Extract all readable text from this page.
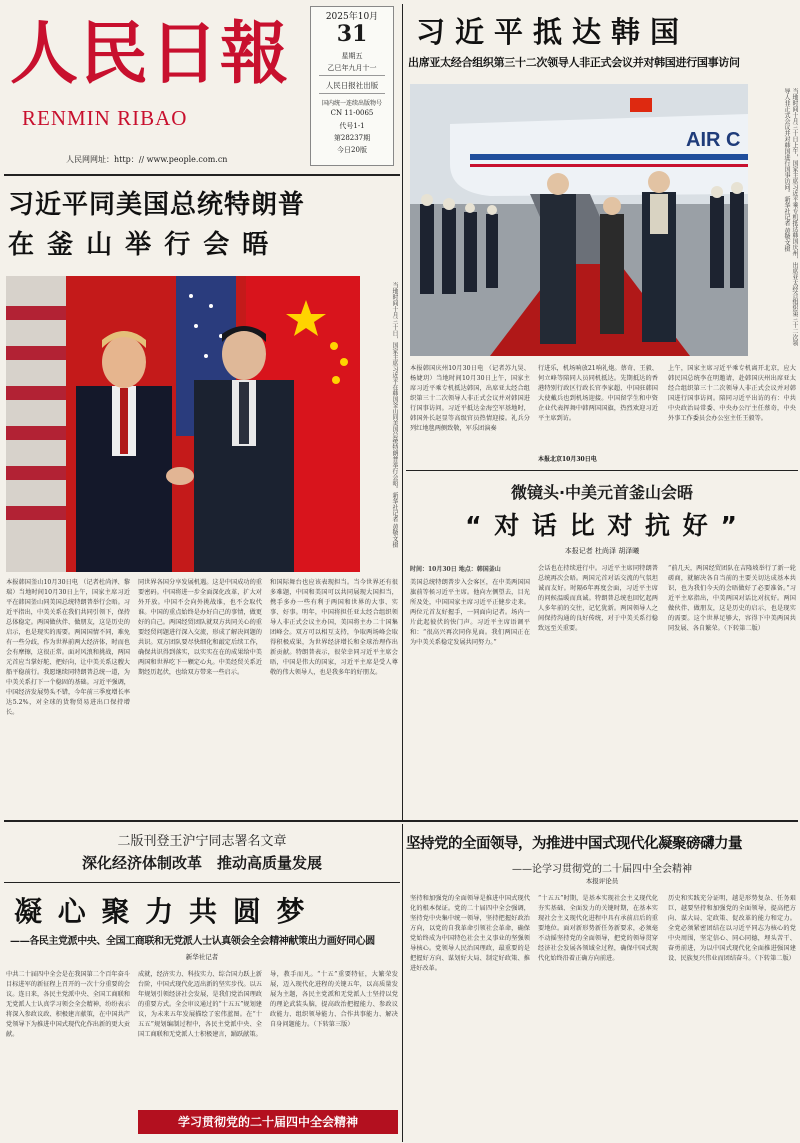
人民日報
RENMIN RIBAO
人民网网址：http：// www.people.com.cn
2025年10月
31
星期五
乙巳年九月十一
人民日报社出版
国内统一连续出版物号
CN 11-0065
代号1-1
第28237期
今日20版
习近平抵达韩国
出席亚太经合组织第三十二次领导人非正式会议并对韩国进行国事访问
AIR C	当地时间十月三十日上午，国家主席习近平乘专机抵达韩国庆州，出席亚太经合组织第三十二次领导人非正式会议并对韩国进行国事访问。新华社记者 黄敬文摄
本报韩国庆州10月30日电 （记者苏九昊、杨婕玥）当地时间10月30日上午，国家主席习近平乘专机抵达韩国，出席亚太经合组织第三十二次领导人非正式会议并对韩国进行国事访问。习近平抵达金海空军基地时，韩国外长赵显等高级官员热情迎接。礼兵分列红地毯两侧致敬，军乐团演奏
行进乐，机场响放21响礼炮。蔡奇、王毅、何立峰等陪同人员同机抵达。先期抵达的香港特别行政区行政长官李家超、中国驻韩国大使戴兵也到机场迎接。中国留学生和中资企业代表挥舞中韩两国国旗，热烈欢迎习近平主席到访。
本报北京10月30日电
上午，国家主席习近平乘专机离开北京，应大韩民国总统李在明邀请，赴韩国庆州出席亚太经合组织第三十二次领导人非正式会议并对韩国进行国事访问。陪同习近平出访的有：中共中央政治局常委、中央办公厅主任蔡奇，中央外事工作委员会办公室主任王毅等。
习近平同美国总统特朗普
在 釜 山 举 行 会 晤
当地时间十月三十日，国家主席习近平在韩国釜山同美国总统特朗普举行会晤。新华社记者 黄敬文摄
本报韩国釜山10月30日电 （记者杜尚泽、黎瑞）当地时间10月30日上午，国家主席习近平在韩国釜山同美国总统特朗普举行会晤。习近平指出，中美关系在我们共同引领下，保持总体稳定。两国做伙伴、做朋友，这是历史的启示，也是现实的需要。两国国情不同，难免有一些分歧，作为世界前两大经济体，时而也会有摩擦，这很正常。面对风浪和挑战，两国元首应当掌好舵、把好向，让中美关系这艘大船平稳前行。我愿继续同特朗普总统一道，为中美关系打下一个稳固的基础。习近平强调，中国经济发展势头不错，今年前三季度增长率达5.2%，对全球的货物贸易进出口保持增长。
同世界各国分享发展机遇。这是中国成功的重要密码。中国将进一步全面深化改革，扩大对外开放。中国不会向外挑战谁，也不会取代谁。中国的重点始终是办好自己的事情，做更好的自己。两国经贸团队就双方共同关心的重要经贸问题进行深入交流，形成了解决问题的共识。双方团队要尽快细化和敲定后续工作，确保共识得到落实，以实实在在的成果给中美两国和世界吃下一颗定心丸。中美经贸关系近期经历起伏，也给双方带来一些启示。
和国际舞台也应该表现担当。当今世界还有很多难题，中国和美国可以共同展现大国担当，携手多办一些有利于两国和世界的大事、实事、好事。明年，中国将担任亚太经合组织领导人非正式会议主办国，美国将主办二十国集团峰会。双方可以相互支持，争取两场峰会取得积极成果，为世界经济增长和全球治理作出新贡献。特朗普表示，很荣幸同习近平主席会晤，中国是伟大的国家，习近平主席是受人尊敬的伟大领导人，也是我多年的好朋友。
微镜头·中美元首釜山会晤
“ 对 话 比 对 抗 好 ”
本报记者 杜尚泽 胡泽曦
时间：10月30日 地点：韩国釜山
美国总统特朗普步入会客区，在中美两国国旗前等候习近平主席。他向左侧望去，目光所及处，中国国家主席习近平正健步走来。两位元首友好握手，一同面向记者。场内一片此起彼伏的快门声。习近平主席语调平和：“很高兴再次同你见面。我们两国正在为中美关系稳定发展共同努力。”
会话也在持续进行中。习近平主席同特朗普总统再次会晤。两国元首对话交流的气氛坦诚而友好。时隔6年再度会面，习近平主席的问候温暖而真诚。特朗普总统也回忆起两人多年前的交往，记忆犹新。两国领导人之间保持沟通的良好传统，对于中美关系行稳致远至关重要。
“前几天，两国经贸团队在吉隆坡举行了新一轮磋商，就解决各自当前的主要关切达成基本共识，也为我们今天的会晤做好了必要准备。”习近平主席指出，中美两国对话比对抗好。两国做伙伴、做朋友，这是历史的启示，也是现实的需要。这个世界足够大，容得下中美两国共同发展、各自繁荣。（下转第二版）
二版刊登王沪宁同志署名文章
深化经济体制改革　推动高质量发展
凝 心 聚 力 共 圆 梦
——各民主党派中央、全国工商联和无党派人士认真领会全会精神献策出力画好同心圆
新华社记者
中共二十届四中全会是在我国第二个百年奋斗目标进军的新征程上召开的一次十分重要的会议。连日来，各民主党派中央、全国工商联和无党派人士认真学习领会全会精神，纷纷表示将深入参政议政、积极建言献策，在中国共产党领导下为推进中国式现代化作出新的更大贡献。
成就，经济实力、科技实力、综合国力跃上新台阶，中国式现代化迈出新的坚实步伐。以五年规划引领经济社会发展，是我们党治国理政的重要方式。全会审议通过的“十五五”规划建议，为未来五年发展描绘了宏伟蓝图。在“十五五”规划编制过程中，各民主党派中央、全国工商联和无党派人士积极建言，踊跃献策。
导，教手而凡。“十五”重要特征，大繁荣发展，迈入现代化进程的关键五年，以高质量发展为主题，各民主党派和无党派人士坚持以党的理论武装头脑，提高政治把握能力、参政议政能力、组织领导能力、合作共事能力、解决自身问题能力。（下转第三版）
学习贯彻党的二十届四中全会精神
坚持党的全面领导，为推进中国式现代化凝聚磅礴力量
——论学习贯彻党的二十届四中全会精神
本报评论员
坚持和加强党的全面领导是推进中国式现代化的根本保证。党的二十届四中全会强调，坚持党中央集中统一领导，坚持把握好政治方向，以党的自我革命引领社会革命，确保党始终成为中国特色社会主义事业的坚强领导核心。党领导人民治国理政，最重要的是把握好方向、谋划好大局、制定好政策、推进好改革。
“十五五”时期，是基本实现社会主义现代化夯实基础、全面发力的关键时期，在基本实现社会主义现代化进程中具有承前启后的重要地位。面对新形势新任务新要求，必须毫不动摇坚持党的全面领导，把党的领导贯穿经济社会发展各领域全过程，确保中国式现代化始终沿着正确方向前进。
历史和实践充分证明，越是形势复杂、任务艰巨，越要坚持和加强党的全面领导，提高把方向、谋大局、定政策、促改革的能力和定力。全党必须紧密团结在以习近平同志为核心的党中央周围，坚定信心、同心同德，埋头苦干、奋勇前进，为以中国式现代化全面推进强国建设、民族复兴伟业而团结奋斗。（下转第二版）
